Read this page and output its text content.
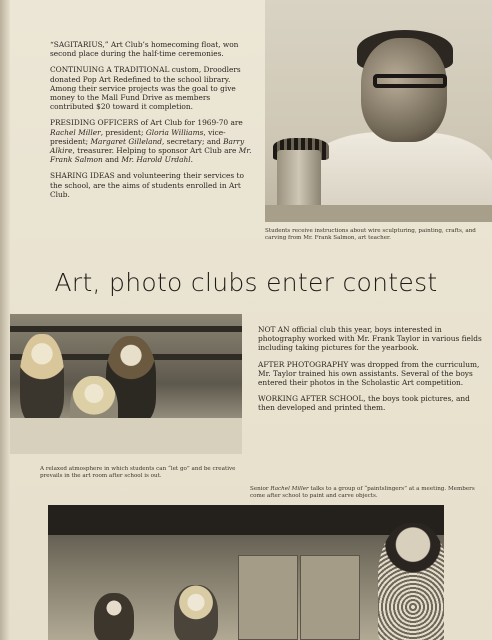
“SAGITARIUS,” Art Club’s homecoming float, won second place during the half-time ceremonies.

CONTINUING A TRADITIONAL custom, Droodlers donated Pop Art Redefined to the school library. Among their service projects was the goal to give money to the Mall Fund Drive as members contributed $20 toward it completion.

PRESIDING OFFICERS of Art Club for 1969-70 are Rachel Miller, president; Gloria Williams, vice-president; Margaret Gilleland, secretary; and Barry Alkire, treasurer. Helping to sponsor Art Club are Mr. Frank Salmon and Mr. Harold Urdahl.

SHARING IDEAS and volunteering their services to the school, are the aims of students enrolled in Art Club.

Students receive instructions about wire sculpturing, painting, crafts, and carving from Mr. Frank Salmon, art teacher.
Art, photo clubs enter contest
A relaxed atmosphere in which students can “let go” and be creative prevails in the art room after school is out.

NOT AN official club this year, boys interested in photography worked with Mr. Frank Taylor in various fields including taking pictures for the yearbook.

AFTER PHOTOGRAPHY was dropped from the curriculum, Mr. Taylor trained his own assistants. Several of the boys entered their photos in the Scholastic Art competition.

WORKING AFTER SCHOOL, the boys took pictures, and then developed and printed them.

Senior Rachel Miller talks to a group of “paintslingers” at a meeting. Members come after school to paint and carve objects.
